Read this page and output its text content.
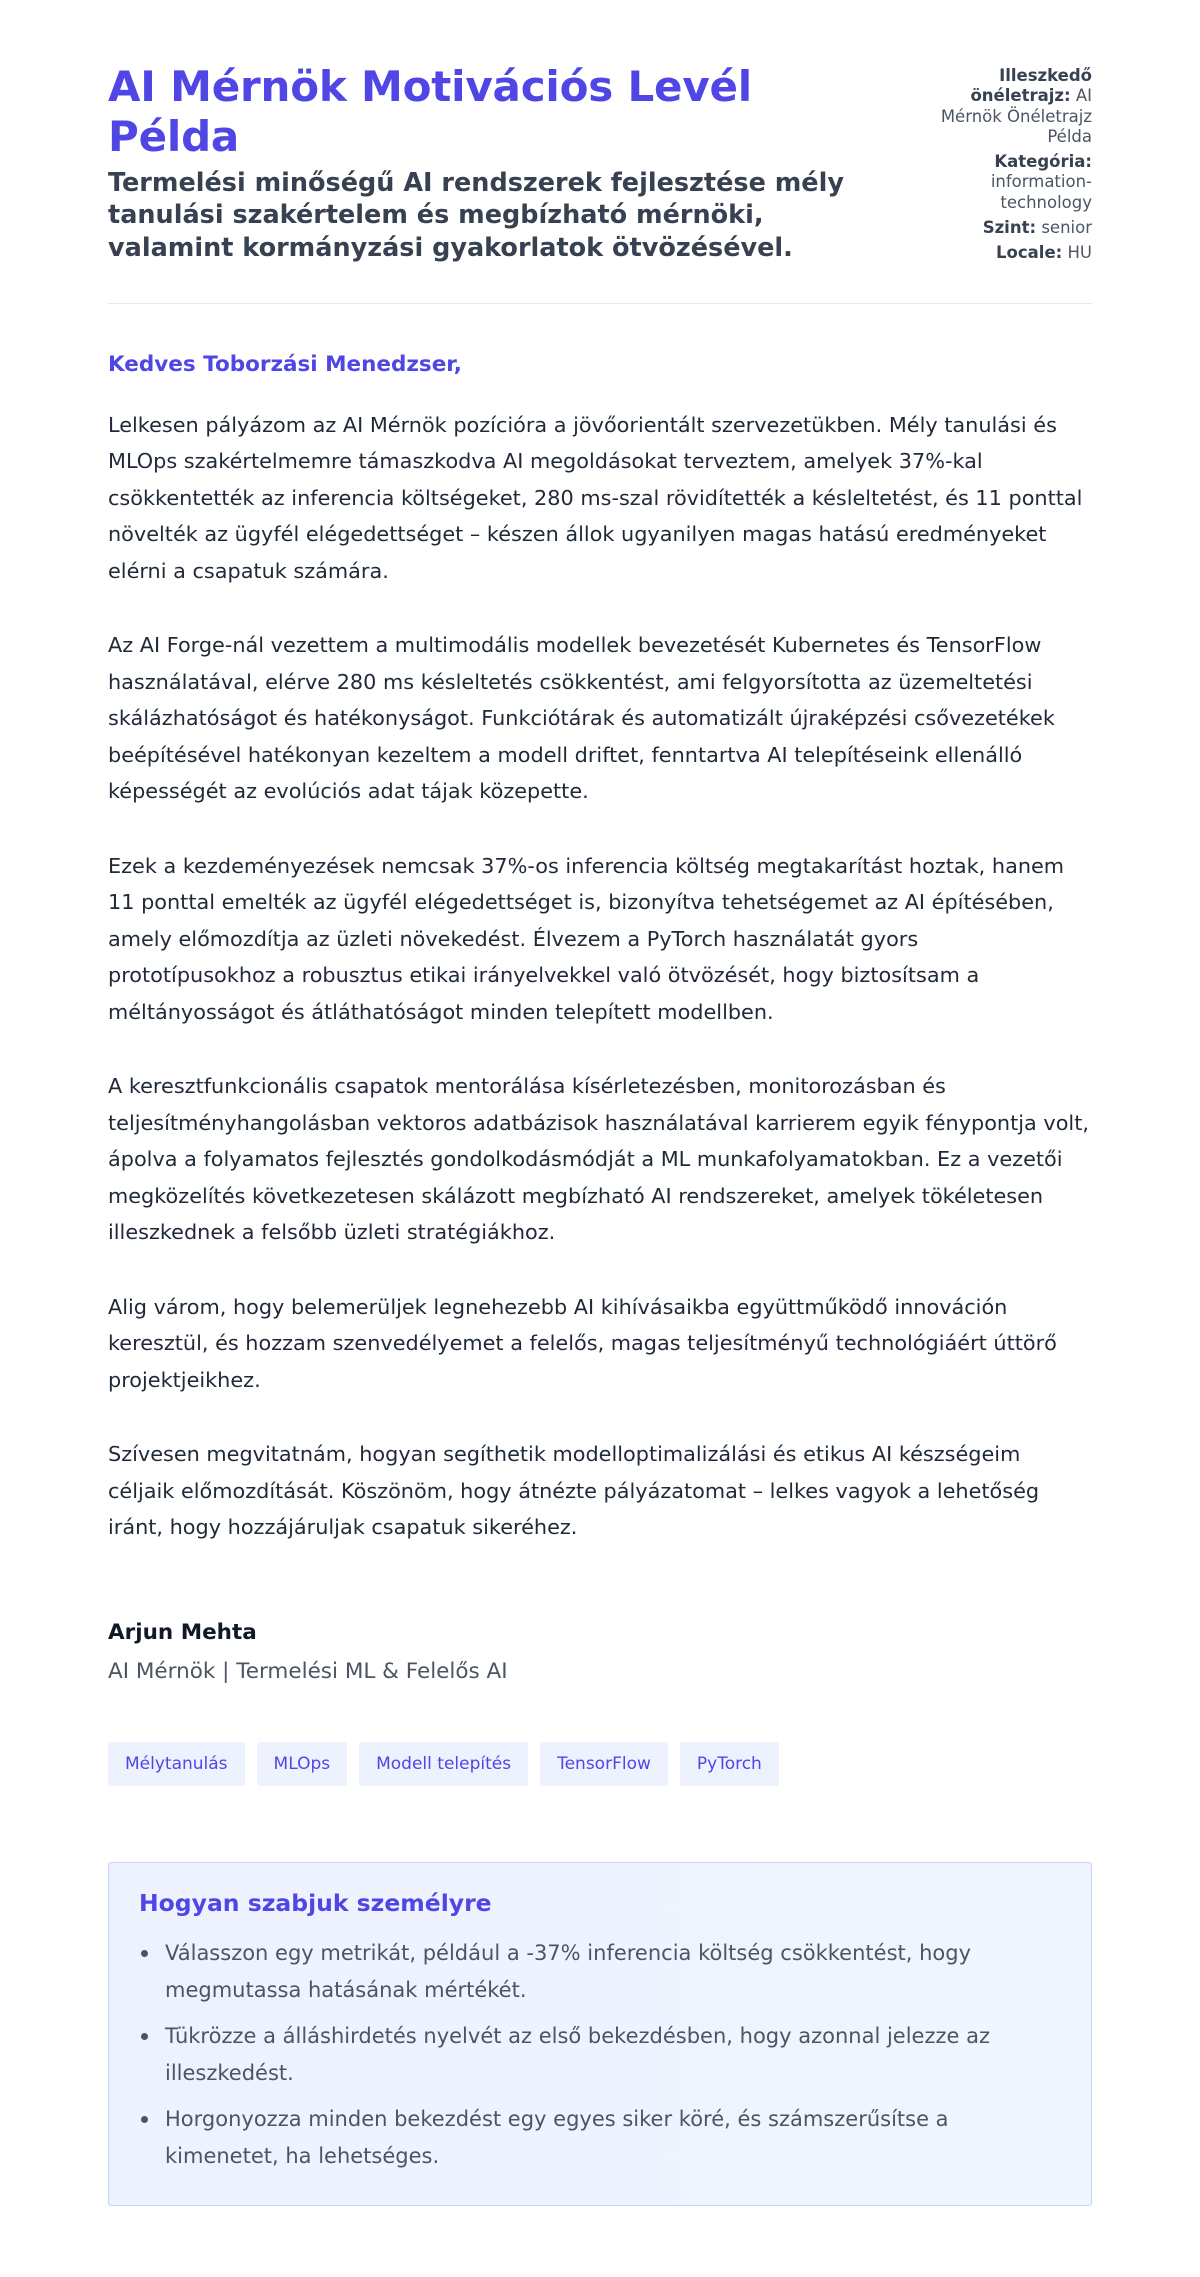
AI Mérnök Motivációs Levél Példa
Termelési minőségű AI rendszerek fejlesztése mély tanulási szakértelem és megbízható mérnöki, valamint kormányzási gyakorlatok ötvözésével.
Illeszkedő önéletrajz: AI Mérnök Önéletrajz Példa
Kategória: information-technology
Szint: senior
Locale: HU

Kedves Toborzási Menedzser,

Lelkesen pályázom az AI Mérnök pozícióra a jövőorientált szervezetükben. Mély tanulási és MLOps szakértelmemre támaszkodva AI megoldásokat terveztem, amelyek 37%-kal csökkentették az inferencia költségeket, 280 ms-szal rövidítették a késleltetést, és 11 ponttal növelték az ügyfél elégedettséget – készen állok ugyanilyen magas hatású eredményeket elérni a csapatuk számára.

Az AI Forge-nál vezettem a multimodális modellek bevezetését Kubernetes és TensorFlow használatával, elérve 280 ms késleltetés csökkentést, ami felgyorsította az üzemeltetési skálázhatóságot és hatékonyságot. Funkciótárak és automatizált újraképzési csővezetékek beépítésével hatékonyan kezeltem a modell driftet, fenntartva AI telepítéseink ellenálló képességét az evolúciós adat tájak közepette.

Ezek a kezdeményezések nemcsak 37%-os inferencia költség megtakarítást hoztak, hanem 11 ponttal emelték az ügyfél elégedettséget is, bizonyítva tehetségemet az AI építésében, amely előmozdítja az üzleti növekedést. Élvezem a PyTorch használatát gyors prototípusokhoz a robusztus etikai irányelvekkel való ötvözését, hogy biztosítsam a méltányosságot és átláthatóságot minden telepített modellben.

A keresztfunkcionális csapatok mentorálása kísérletezésben, monitorozásban és teljesítményhangolásban vektoros adatbázisok használatával karrierem egyik fénypontja volt, ápolva a folyamatos fejlesztés gondolkodásmódját a ML munkafolyamatokban. Ez a vezetői megközelítés következetesen skálázott megbízható AI rendszereket, amelyek tökéletesen illeszkednek a felsőbb üzleti stratégiákhoz.

Alig várom, hogy belemerüljek legnehezebb AI kihívásaikba együttműködő innováción keresztül, és hozzam szenvedélyemet a felelős, magas teljesítményű technológiáért úttörő projektjeikhez.

Szívesen megvitatnám, hogyan segíthetik modelloptimalizálási és etikus AI készségeim céljaik előmozdítását. Köszönöm, hogy átnézte pályázatomat – lelkes vagyok a lehetőség iránt, hogy hozzájáruljak csapatuk sikeréhez.

Arjun Mehta

AI Mérnök | Termelési ML & Felelős AI

Mélytanulás	MLOps	Modell telepítés	TensorFlow	PyTorch
Hogyan szabjuk személyre
Válasszon egy metrikát, például a -37% inferencia költség csökkentést, hogy megmutassa hatásának mértékét.
Tükrözze a álláshirdetés nyelvét az első bekezdésben, hogy azonnal jelezze az illeszkedést.
Horgonyozza minden bekezdést egy egyes siker köré, és számszerűsítse a kimenetet, ha lehetséges.
